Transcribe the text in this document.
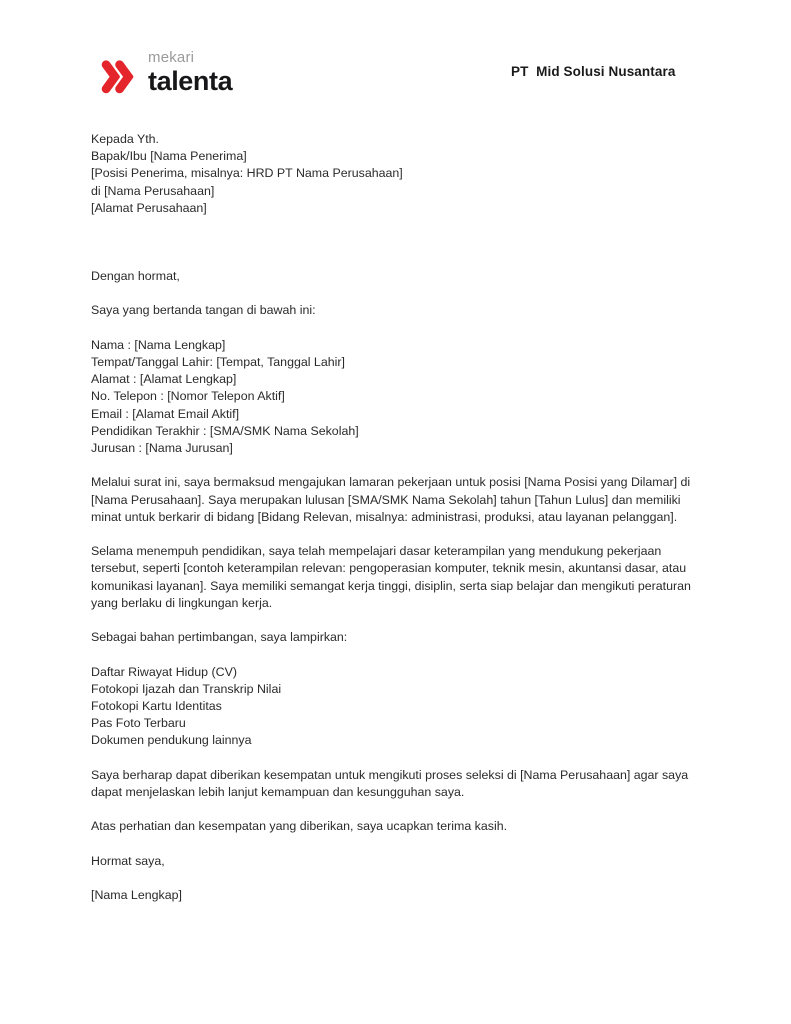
mekari
talenta	PT  Mid Solusi Nusantara
Kepada Yth.
Bapak/Ibu [Nama Penerima]
[Posisi Penerima, misalnya: HRD PT Nama Perusahaan]
di [Nama Perusahaan]
[Alamat Perusahaan]

Dengan hormat,

Saya yang bertanda tangan di bawah ini:

Nama : [Nama Lengkap]
Tempat/Tanggal Lahir: [Tempat, Tanggal Lahir]
Alamat : [Alamat Lengkap]
No. Telepon : [Nomor Telepon Aktif]
Email : [Alamat Email Aktif]
Pendidikan Terakhir : [SMA/SMK Nama Sekolah]
Jurusan : [Nama Jurusan]

Melalui surat ini, saya bermaksud mengajukan lamaran pekerjaan untuk posisi [Nama Posisi yang Dilamar] di [Nama Perusahaan]. Saya merupakan lulusan [SMA/SMK Nama Sekolah] tahun [Tahun Lulus] dan memiliki minat untuk berkarir di bidang [Bidang Relevan, misalnya: administrasi, produksi, atau layanan pelanggan].

Selama menempuh pendidikan, saya telah mempelajari dasar keterampilan yang mendukung pekerjaan tersebut, seperti [contoh keterampilan relevan: pengoperasian komputer, teknik mesin, akuntansi dasar, atau komunikasi layanan]. Saya memiliki semangat kerja tinggi, disiplin, serta siap belajar dan mengikuti peraturan yang berlaku di lingkungan kerja.

Sebagai bahan pertimbangan, saya lampirkan:

Daftar Riwayat Hidup (CV)
Fotokopi Ijazah dan Transkrip Nilai
Fotokopi Kartu Identitas
Pas Foto Terbaru
Dokumen pendukung lainnya

Saya berharap dapat diberikan kesempatan untuk mengikuti proses seleksi di [Nama Perusahaan] agar saya dapat menjelaskan lebih lanjut kemampuan dan kesungguhan saya.

Atas perhatian dan kesempatan yang diberikan, saya ucapkan terima kasih.

Hormat saya,

[Nama Lengkap]
